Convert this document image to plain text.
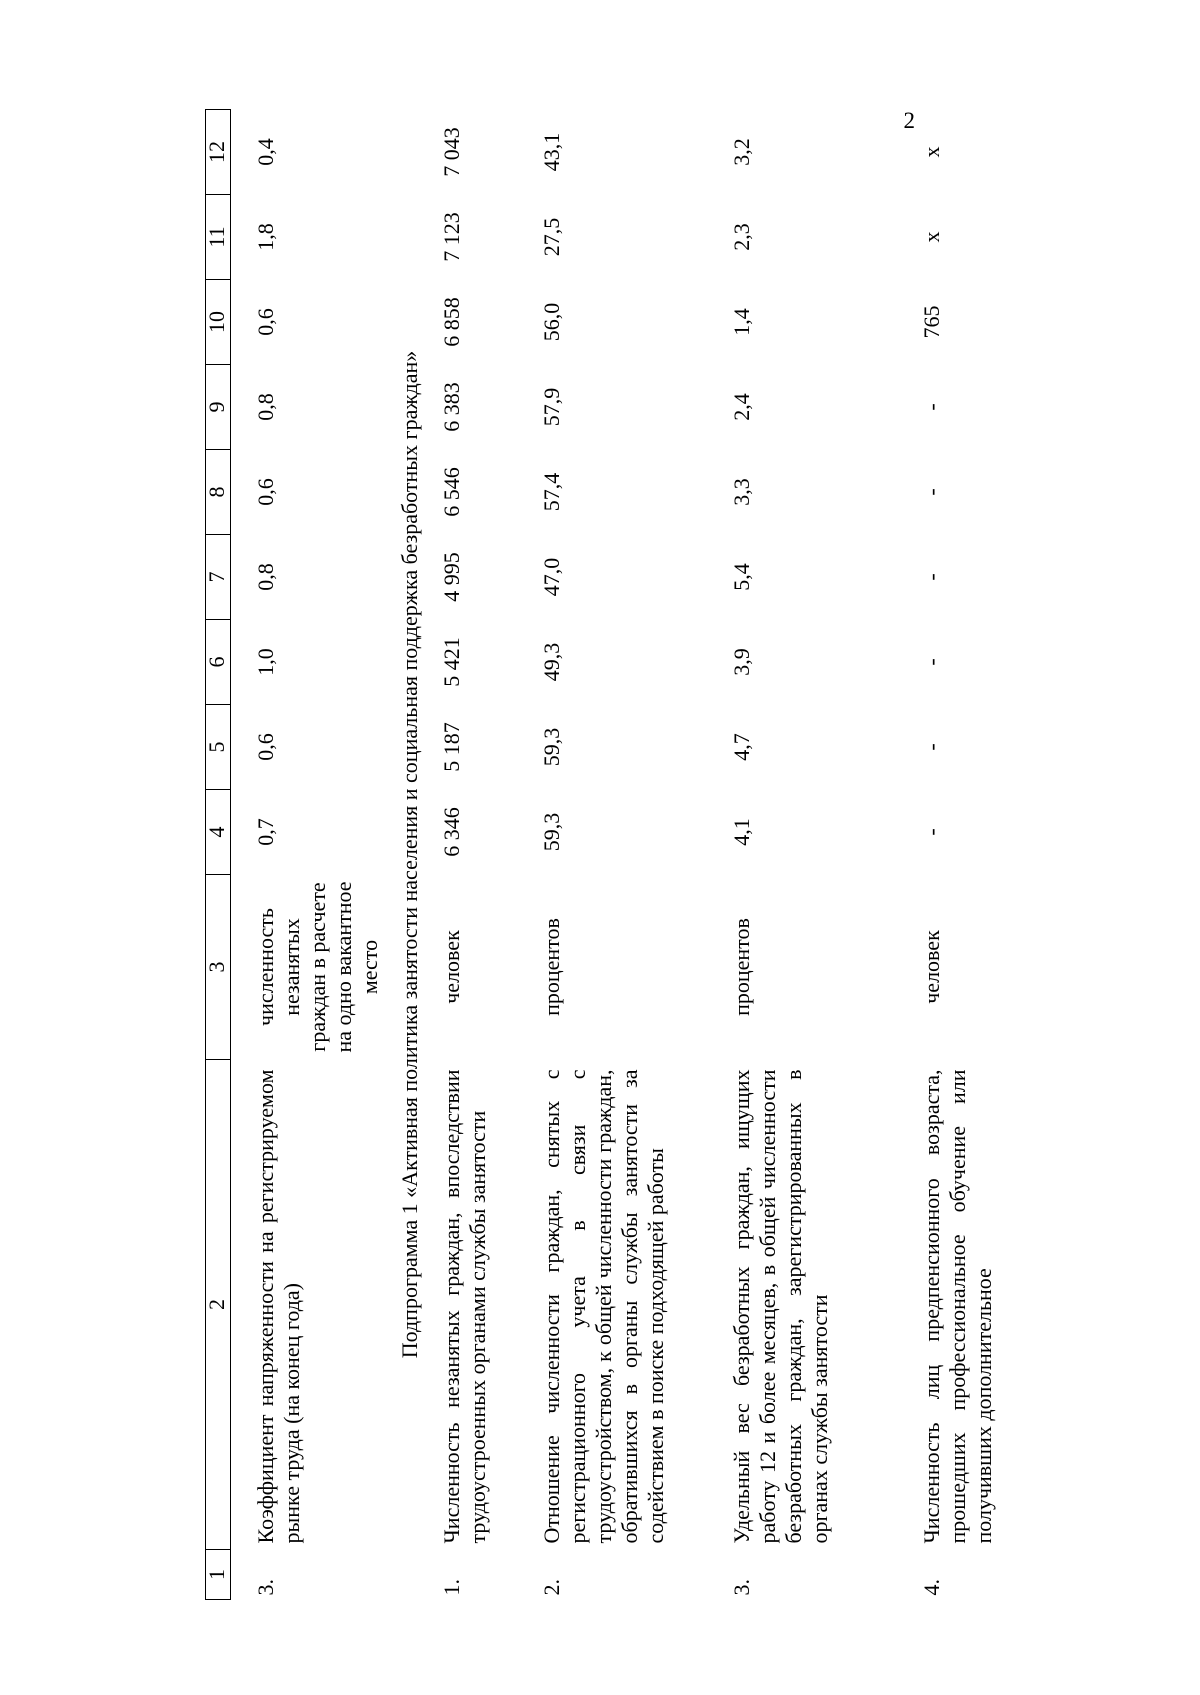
2
1	2	3	4	5	6	7	8	9	10	11	12

3.	Коэффициент напряженности на регистрируемом рынке труда (на конец года)	численность незанятых граждан в расчете на одно вакантное место	0,7	0,6	1,0	0,8	0,6	0,8	0,6	1,8	0,4
Подпрограмма 1 «Активная политика занятости населения и социальная поддержка безработных граждан»											
1.	Численность незанятых граждан, впоследствии трудоустроенных органами службы занятости	человек	6 346	5 187	5 421	4 995	6 546	6 383	6 858	7 123	7 043
2.	Отношение численности граждан, снятых с регистрационного учета в связи с трудоустройством, к общей численности граждан, обратившихся в органы службы занятости за содействием в поиске подходящей работы	процентов	59,3	59,3	49,3	47,0	57,4	57,9	56,0	27,5	43,1
3.	Удельный вес безработных граждан, ищущих работу 12 и более месяцев, в общей численности безработных граждан, зарегистрированных в органах службы занятости	процентов	4,1	4,7	3,9	5,4	3,3	2,4	1,4	2,3	3,2
4.	Численность лиц предпенсионного возраста, прошедших профессиональное обучение или получивших дополнительное	человек	-	-	-	-	-	-	765	х	х
